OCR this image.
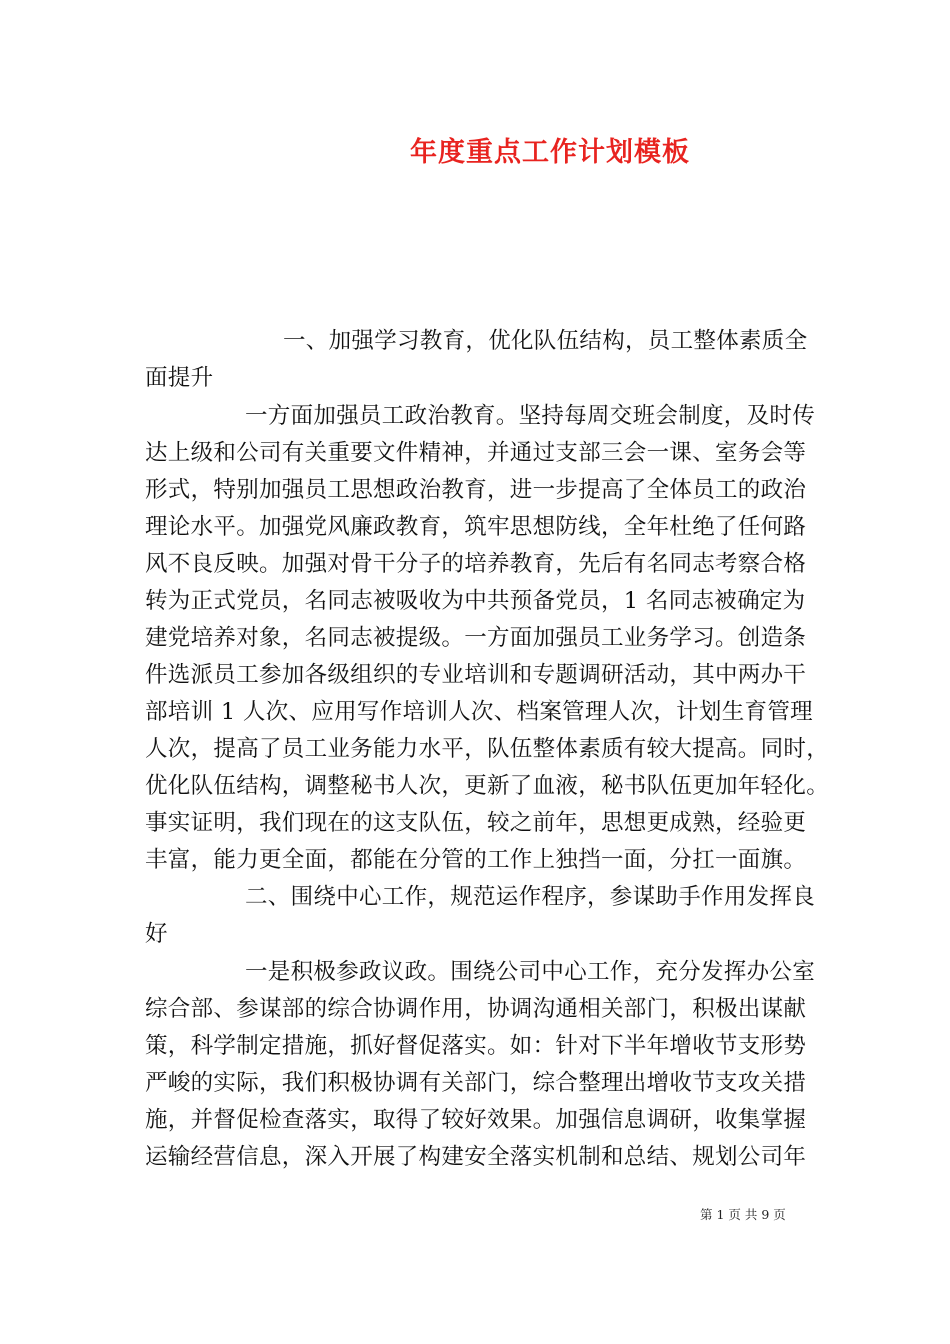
年度重点工作计划模板
一、加强学习教育，优化队伍结构，员工整体素质全
面提升
一方面加强员工政治教育。坚持每周交班会制度，及时传
达上级和公司有关重要文件精神，并通过支部三会一课、室务会等
形式，特别加强员工思想政治教育，进一步提高了全体员工的政治
理论水平。加强党风廉政教育，筑牢思想防线，全年杜绝了任何路
风不良反映。加强对骨干分子的培养教育，先后有名同志考察合格
转为正式党员，名同志被吸收为中共预备党员，1 名同志被确定为
建党培养对象，名同志被提级。一方面加强员工业务学习。创造条
件选派员工参加各级组织的专业培训和专题调研活动，其中两办干
部培训 1 人次、应用写作培训人次、档案管理人次，计划生育管理
人次，提高了员工业务能力水平，队伍整体素质有较大提高。同时，
优化队伍结构，调整秘书人次，更新了血液，秘书队伍更加年轻化。
事实证明，我们现在的这支队伍，较之前年，思想更成熟，经验更
丰富，能力更全面，都能在分管的工作上独挡一面，分扛一面旗。
二、围绕中心工作，规范运作程序，参谋助手作用发挥良
好
一是积极参政议政。围绕公司中心工作，充分发挥办公室
综合部、参谋部的综合协调作用，协调沟通相关部门，积极出谋献
策，科学制定措施，抓好督促落实。如：针对下半年增收节支形势
严峻的实际，我们积极协调有关部门，综合整理出增收节支攻关措
施，并督促检查落实，取得了较好效果。加强信息调研，收集掌握
运输经营信息，深入开展了构建安全落实机制和总结、规划公司年
第 1 页 共 9 页
